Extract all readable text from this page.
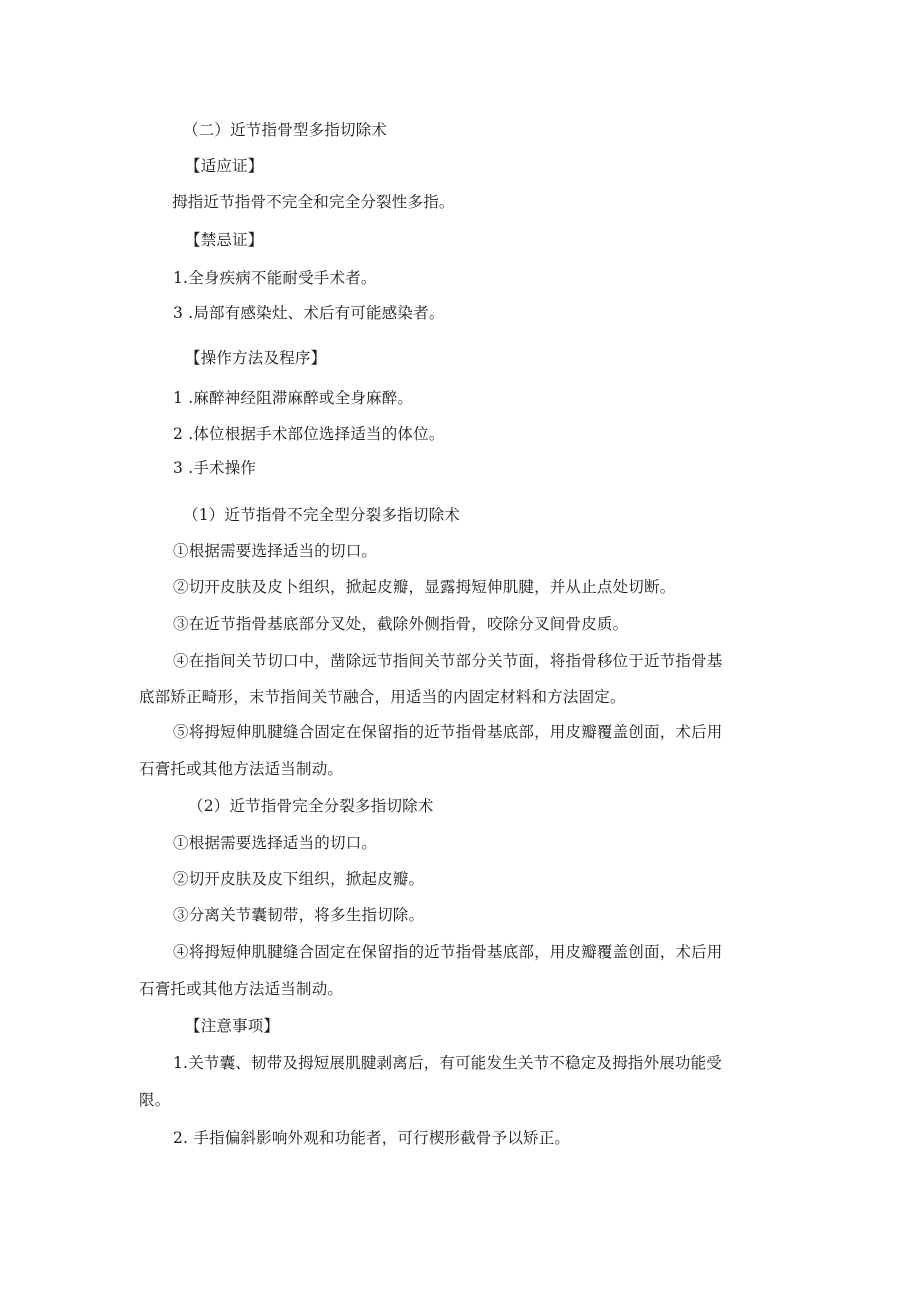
（二）近节指骨型多指切除术
【适应证】
拇指近节指骨不完全和完全分裂性多指。
【禁忌证】
1.全身疾病不能耐受手术者。
3 .局部有感染灶、术后有可能感染者。
【操作方法及程序】
1 .麻醉神经阻滞麻醉或全身麻醉。
2 .体位根据手术部位选择适当的体位。
3 .手术操作
（1）近节指骨不完全型分裂多指切除术
①根据需要选择适当的切口。
②切开皮肤及皮卜组织，掀起皮瓣，显露拇短伸肌腱，并从止点处切断。
③在近节指骨基底部分叉处，截除外侧指骨，咬除分叉间骨皮质。
④在指间关节切口中，凿除远节指间关节部分关节面，将指骨移位于近节指骨基
底部矫正畸形，末节指间关节融合，用适当的内固定材料和方法固定。
⑤将拇短伸肌腱缝合固定在保留指的近节指骨基底部，用皮瓣覆盖创面，术后用
石膏托或其他方法适当制动。
（2）近节指骨完全分裂多指切除术
①根据需要选择适当的切口。
②切开皮肤及皮下组织，掀起皮瓣。
③分离关节囊韧带，将多生指切除。
④将拇短伸肌腱缝合固定在保留指的近节指骨基底部，用皮瓣覆盖创面，术后用
石膏托或其他方法适当制动。
【注意事项】
1.关节囊、韧带及拇短展肌腱剥离后，有可能发生关节不稳定及拇指外展功能受
限。
2. 手指偏斜影响外观和功能者，可行楔形截骨予以矫正。
